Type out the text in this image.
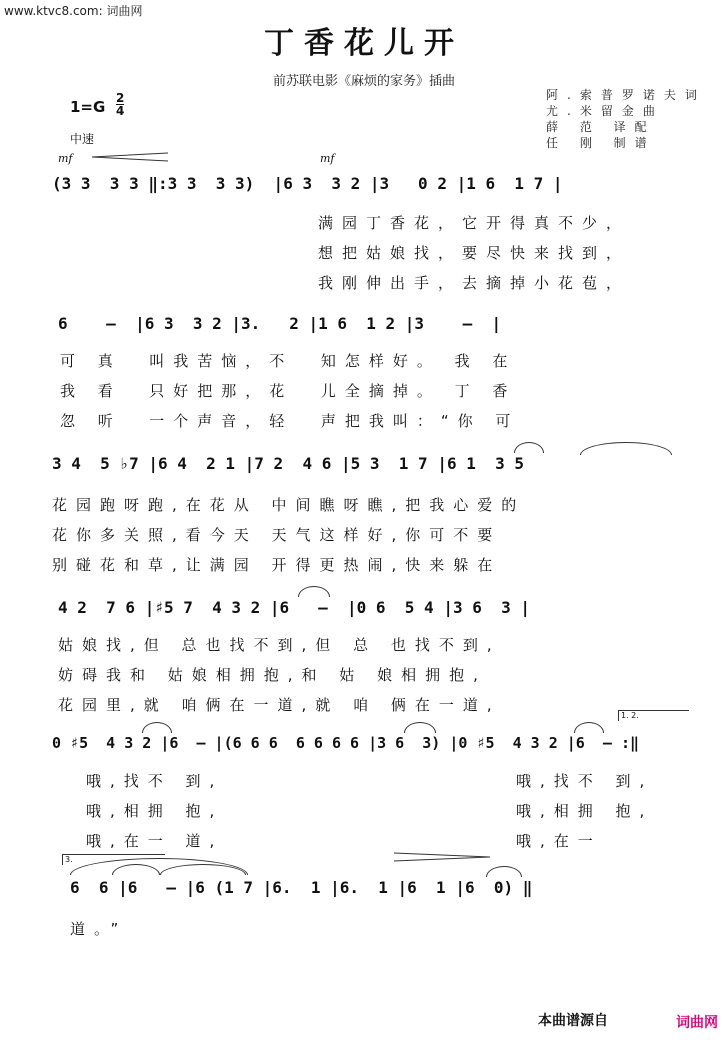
www.ktvc8.com: 词曲网
丁香花儿开
前苏联电影《麻烦的家务》插曲
阿.索普罗诺夫词
尤.米留金曲
薛 范 译配
任 刚 制谱
1=G 2
4
中速
mf	mf
(3 3  3 3 ‖:3 3  3 3)  |6 3  3 2 |3   0 2 |1 6  1 7 |
满园丁香花，它开得真不少，
想把姑娘找，要尽快来找到，
我刚伸出手，去摘掉小花苞，
6    –  |6 3  3 2 |3.   2 |1 6  1 2 |3    –  |
可 真  叫我苦恼，不  知怎样好。 我 在
我 看  只好把那，花  儿全摘掉。 丁 香
忽 听  一个声音，轻  声把我叫：“你 可
3 4  5 ♭7 |6 4  2 1 |7 2  4 6 |5 3  1 7 |6 1  3 5
花园跑呀跑,在花从 中间瞧呀瞧,把我心爱的
花你多关照,看今天 天气这样好,你可不要
别碰花和草,让满园 开得更热闹,快来躲在
4 2  7 6 |♯5 7  4 3 2 |6   –  |0 6  5 4 |3 6  3 |
姑娘找,但 总也找不到,但 总 也找不到,
妨碍我和 姑娘相拥抱,和 姑 娘相拥抱,
花园里,就 咱俩在一道,就 咱 俩在一道,
1. 2.
0 ♯5  4 3 2 |6  – |(6 6 6  6 6 6 6 |3 6  3) |0 ♯5  4 3 2 |6  – :‖
哦,找不 到,
哦,相拥 抱,
哦,在一 道,
哦,找不 到,
哦,相拥 抱,
哦,在一
3.
6  6 |6   – |6 (1 7 |6.  1 |6.  1 |6  1 |6  0) ‖
道。”
本曲谱源自	词曲网
